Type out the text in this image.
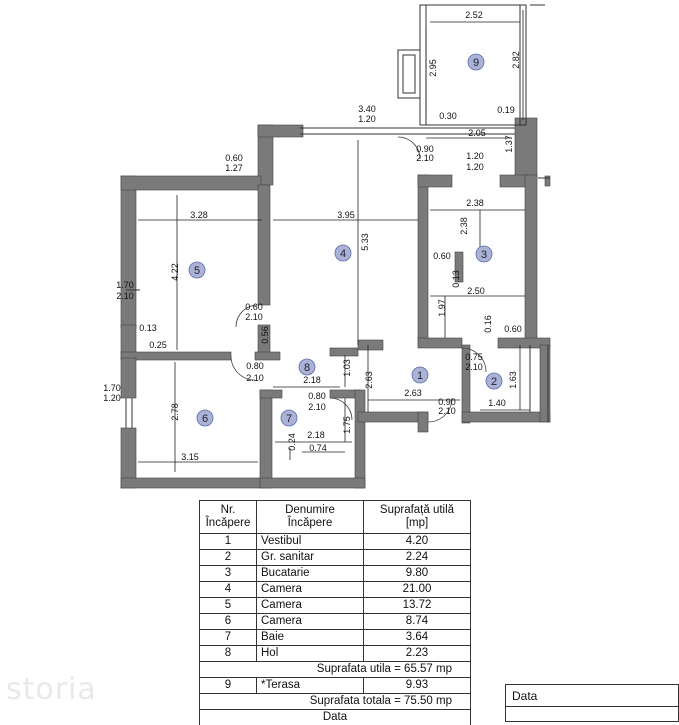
1	2
3
4
5
6	7
8
9
2.52
2.82
2.95
0.19
3.40
1.20	0.30
2.05
1.37
0.90
2.10	1.20
1.20
0.60
1.27
3.28	3.95
2.38
2.38
5.33
4.22
0.60
0.13
2.50
1.70
2.10
0.60
2.10
1.97
0.16 0.60
0.13
0.25
0.56
0.75
2.10
0.80
2.10	2.18
1.03
2.63
2.63
1.63
0.80
2.10	0.90
2.10
1.40
1.70
1.20
2.78
2.18
1.75
0.24 0.74
3.15
Nr.
Încăpere	Denumire
Încăpere	Suprafață utilă
[mp]
1	Vestibul	4.20
2	Gr. sanitar	2.24
3	Bucatarie	9.80
4	Camera	21.00
5	Camera	13.72
6	Camera	8.74
7	Baie	3.64
8	Hol	2.23
Suprafata utila = 65.57 mp		
9	*Terasa	9.93
Suprafata totala = 75.50 mp		
Data		
Data
storia
